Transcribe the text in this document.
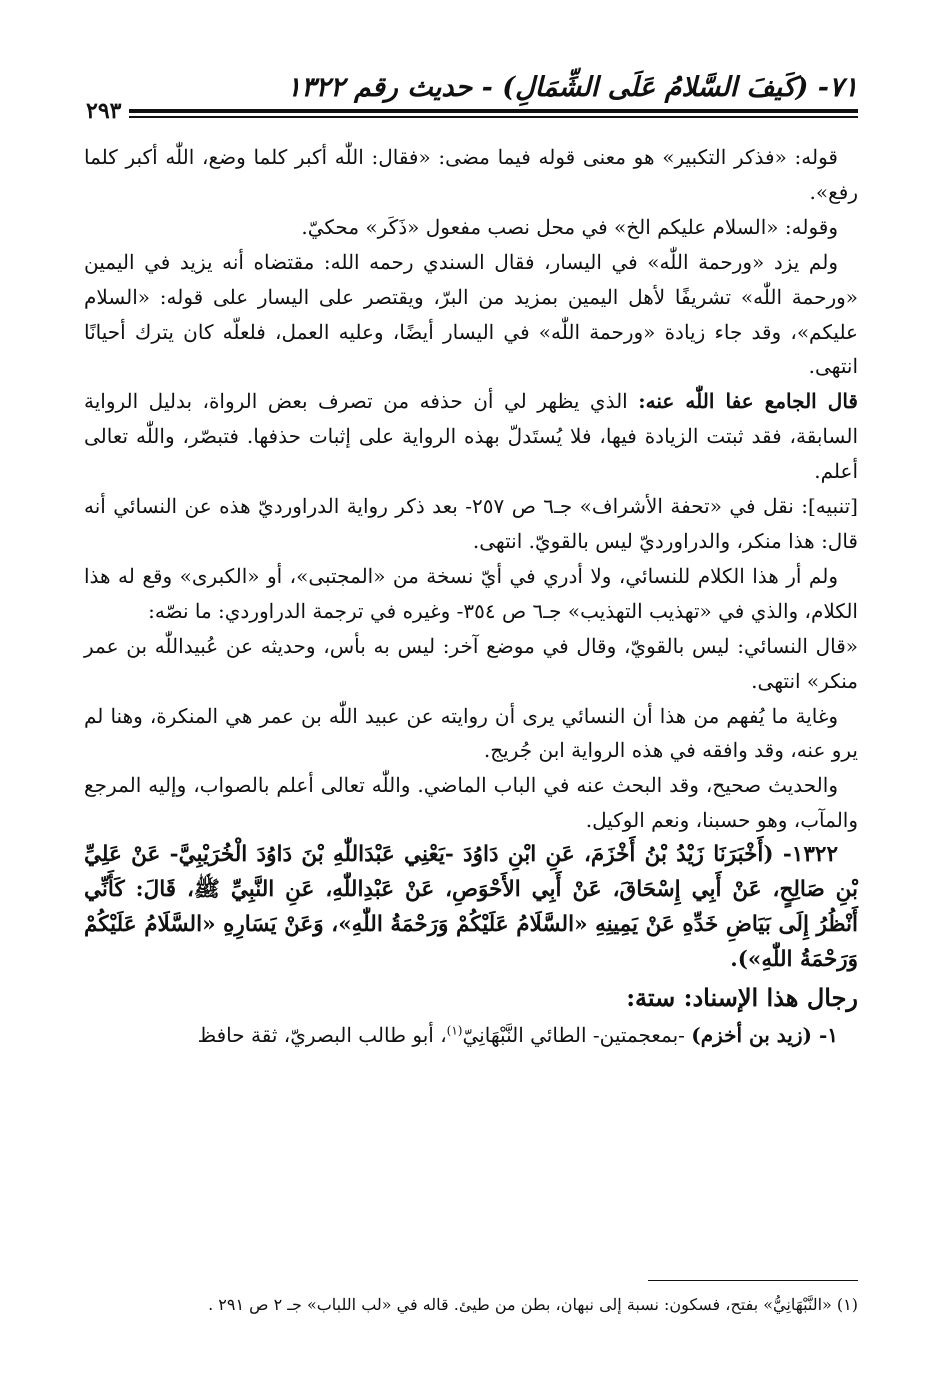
٧١- (كَيفَ السَّلامُ عَلَى الشِّمَالِ) - حديث رقم ١٣٢٢
٢٩٣

قوله: «فذكر التكبير» هو معنى قوله فيما مضى: «فقال: اللّٰه أكبر كلما وضع، اللّٰه أكبر كلما رفع».

وقوله: «السلام عليكم الخ» في محل نصب مفعول «ذَكَر» محكيّ.

ولم يزد «ورحمة اللّٰه» في اليسار، فقال السندي رحمه الله: مقتضاه أنه يزيد في اليمين «ورحمة اللّٰه» تشريفًا لأهل اليمين بمزيد من البرّ، ويقتصر على اليسار على قوله: «السلام عليكم»، وقد جاء زيادة «ورحمة اللّٰه» في اليسار أيضًا، وعليه العمل، فلعلّه كان يترك أحيانًا انتهى.

قال الجامع عفا اللّٰه عنه: الذي يظهر لي أن حذفه من تصرف بعض الرواة، بدليل الرواية السابقة، فقد ثبتت الزيادة فيها، فلا يُستَدلّ بهذه الرواية على إثبات حذفها. فتبصّر، واللّٰه تعالى أعلم.

[تنبيه]: نقل في «تحفة الأشراف» جـ٦ ص ٢٥٧- بعد ذكر رواية الدراورديّ هذه عن النسائي أنه قال: هذا منكر، والدراورديّ ليس بالقويّ. انتهى.

ولم أر هذا الكلام للنسائي، ولا أدري في أيّ نسخة من «المجتبى»، أو «الكبرى» وقع له هذا الكلام، والذي في «تهذيب التهذيب» جـ٦ ص ٣٥٤- وغيره في ترجمة الدراوردي: ما نصّه:

«قال النسائي: ليس بالقويّ، وقال في موضع آخر: ليس به بأس، وحديثه عن عُبيداللّٰه بن عمر منكر» انتهى.

وغاية ما يُفهم من هذا أن النسائي يرى أن روايته عن عبيد اللّٰه بن عمر هي المنكرة، وهنا لم يرو عنه، وقد وافقه في هذه الرواية ابن جُريج.

والحديث صحيح، وقد البحث عنه في الباب الماضي. واللّٰه تعالى أعلم بالصواب، وإليه المرجع والمآب، وهو حسبنا، ونعم الوكيل.

١٣٢٢- (أَخْبَرَنَا زَيْدُ بْنُ أَخْزَمَ، عَنِ ابْنِ دَاوُدَ -يَعْنِي عَبْدَاللّٰهِ بْنَ دَاوُدَ الْخُرَيْبِيَّ- عَنْ عَلِيِّ بْنِ صَالِحٍ، عَنْ أَبِي إِسْحَاقَ، عَنْ أَبِي الأَحْوَصِ، عَنْ عَبْدِاللّٰهِ، عَنِ النَّبِيِّ ﷺ، قَالَ: كَأَنِّي أَنْظُرُ إِلَى بَيَاضِ خَدِّهِ عَنْ يَمِينِهِ «السَّلَامُ عَلَيْكُمْ وَرَحْمَةُ اللّٰهِ»، وَعَنْ يَسَارِهِ «السَّلَامُ عَلَيْكُمْ وَرَحْمَةُ اللّٰهِ»).

رجال هذا الإسناد: ستة:

١- (زيد بن أخزم) -بمعجمتين- الطائي النَّبْهَانِيّ$^{(١)}$، أبو طالب البصريّ، ثقة حافظ

(١) «النَّبْهَانِيُّ» بفتح، فسكون: نسبة إلى نبهان، بطن من طيئ. قاله في «لب اللباب» جـ ٢ ص ٢٩١ .
